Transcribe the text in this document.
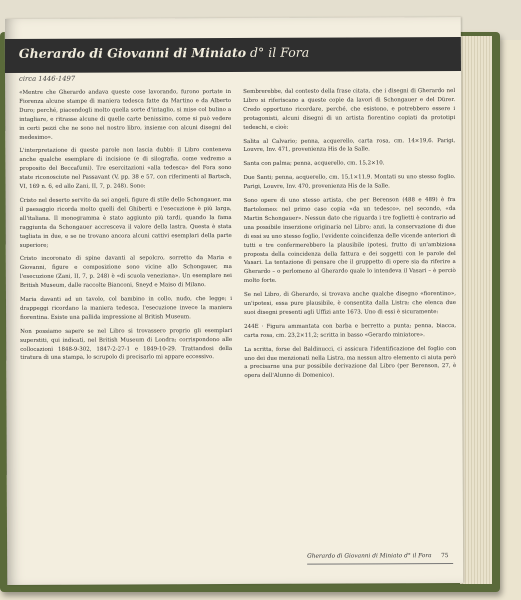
Gherardo di Giovanni di Miniato d° il Fora
circa 1446-1497

«Mentre che Gherardo andava queste cose lavorando, furono portate in Fiorenza alcune stampe di maniera tedesca fatte da Martino e da Alberto Duro; perché, piacendogli molto quella sorte d'intaglio, si mise col bulino a intagliare, e ritrasse alcune di quelle carte benissimo, come si può vedere in certi pezzi che ne sono nel nostro libro, insieme con alcuni disegni del medesimo».

L'interpretazione di queste parole non lascia dubbi: il Libro conteneva anche qualche esemplare di incisione (e di silografia, come vedremo a proposito del Beccafumi). Tre esercitazioni «alla tedesca» del Fora sono state riconosciute nel Passavant (V, pp. 38 e 57, con riferimenti al Bartsch, VI, 169 n. 6, ed allo Zani, II, 7, p. 248). Sono:

Cristo nel deserto servito da sei angeli, figure di stile dello Schongauer, ma il paesaggio ricorda molto quelli del Ghiberti e l'esecuzione è più larga, all'italiana. Il monogramma è stato aggiunto più tardi, quando la fama raggiunta da Schongauer accresceva il valore della lastra. Questa è stata tagliata in due, e se ne trovano ancora alcuni cattivi esemplari della parte superiore;

Cristo incoronato di spine davanti al sepolcro, sorretto da Maria e Giovanni, figure e composizione sono vicine allo Schongauer, ma l'esecuzione (Zani, II, 7, p. 248) è «di scuola veneziana». Un esemplare nei British Museum, dalle raccolte Bianconi, Sneyd e Maiso di Milano.

Maria davanti ad un tavolo, col bambino in collo, nudo, che legge; i drappeggi ricordano la maniera tedesca, l'esecuzione invece la maniera fiorentina. Esiste una pallida impressione al British Museum.

Non possiamo sapere se nel Libro si trovassero proprio gli esemplari superstiti, qui indicati, nel British Museum di Londra; corrispondono alle collocazioni 1848-9-302, 1847-2-27-1 e 1849-10-29. Trattandosi della tiratura di una stampa, lo scrupolo di precisarlo mi appare eccessivo.

Sembrerebbe, dal contesto della frase citata, che i disegni di Gherardo nel Libro si riferiscano a queste copie da lavori di Schongauer e del Dürer. Credo opportuno ricordare, perché, che esistono, e potrebbero essere i protagonisti, alcuni disegni di un artista fiorentino copiati da prototipi tedeschi, e cioè:

Salita al Calvario; penna, acquerello, carta rosa, cm. 14×19,6. Parigi, Louvre, Inv. 471, provenienza His de la Salle.

Santa con palma; penna, acquerello, cm. 15,2×10.

Due Santi; penna, acquerello, cm. 15,1×11,9. Montati su uno stesso foglio. Parigi, Louvre, Inv. 470, provenienza His de la Salle.

Sono opere di uno stesso artista, che per Berenson (488 e 489) è fra Bartolomeo: nel primo caso copia «da un tedesco», nel secondo, «da Martin Schongauer». Nessun dato che riguarda i tre foglietti è contrario ad una possibile inserzione originaria nel Libro; anzi, la conservazione di due di essi su uno stesso foglio, l'evidente coincidenza delle vicende anteriori di tutti e tre confermerebbero la plausibile ipotesi, frutto di un'ambiziosa proposta della coincidenza della fattura e dei soggetti con le parole del Vasari. La tentazione di pensare che il gruppetto di opere sia da riferire a Gherardo – o perlomeno al Gherardo quale lo intendeva il Vasari – è perciò molto forte.

Se nel Libro, di Gherardo, si trovava anche qualche disegno «fiorentino», un'ipotesi, essa pure plausibile, è consentita dalla Listra: che elenca due suoi disegni presenti agli Uffizi ante 1673. Uno di essi è sicuramente:

244E · Figura ammantata con barba e berretto a punta; penna, biacca, carta rosa, cm. 23,2×11,2; scritta in basso «Gerardo miniatore».

La scritta, forse del Baldinucci, ci assicura l'identificazione del foglio con uno dei due menzionati nella Listra, ma nessun altro elemento ci aiuta però a precisarne una pur possibile derivazione dal Libro (per Berenson, 27, è opera dell'Alunno di Domenico).

Gherardo di Giovanni di Miniato d° il Fora 75
